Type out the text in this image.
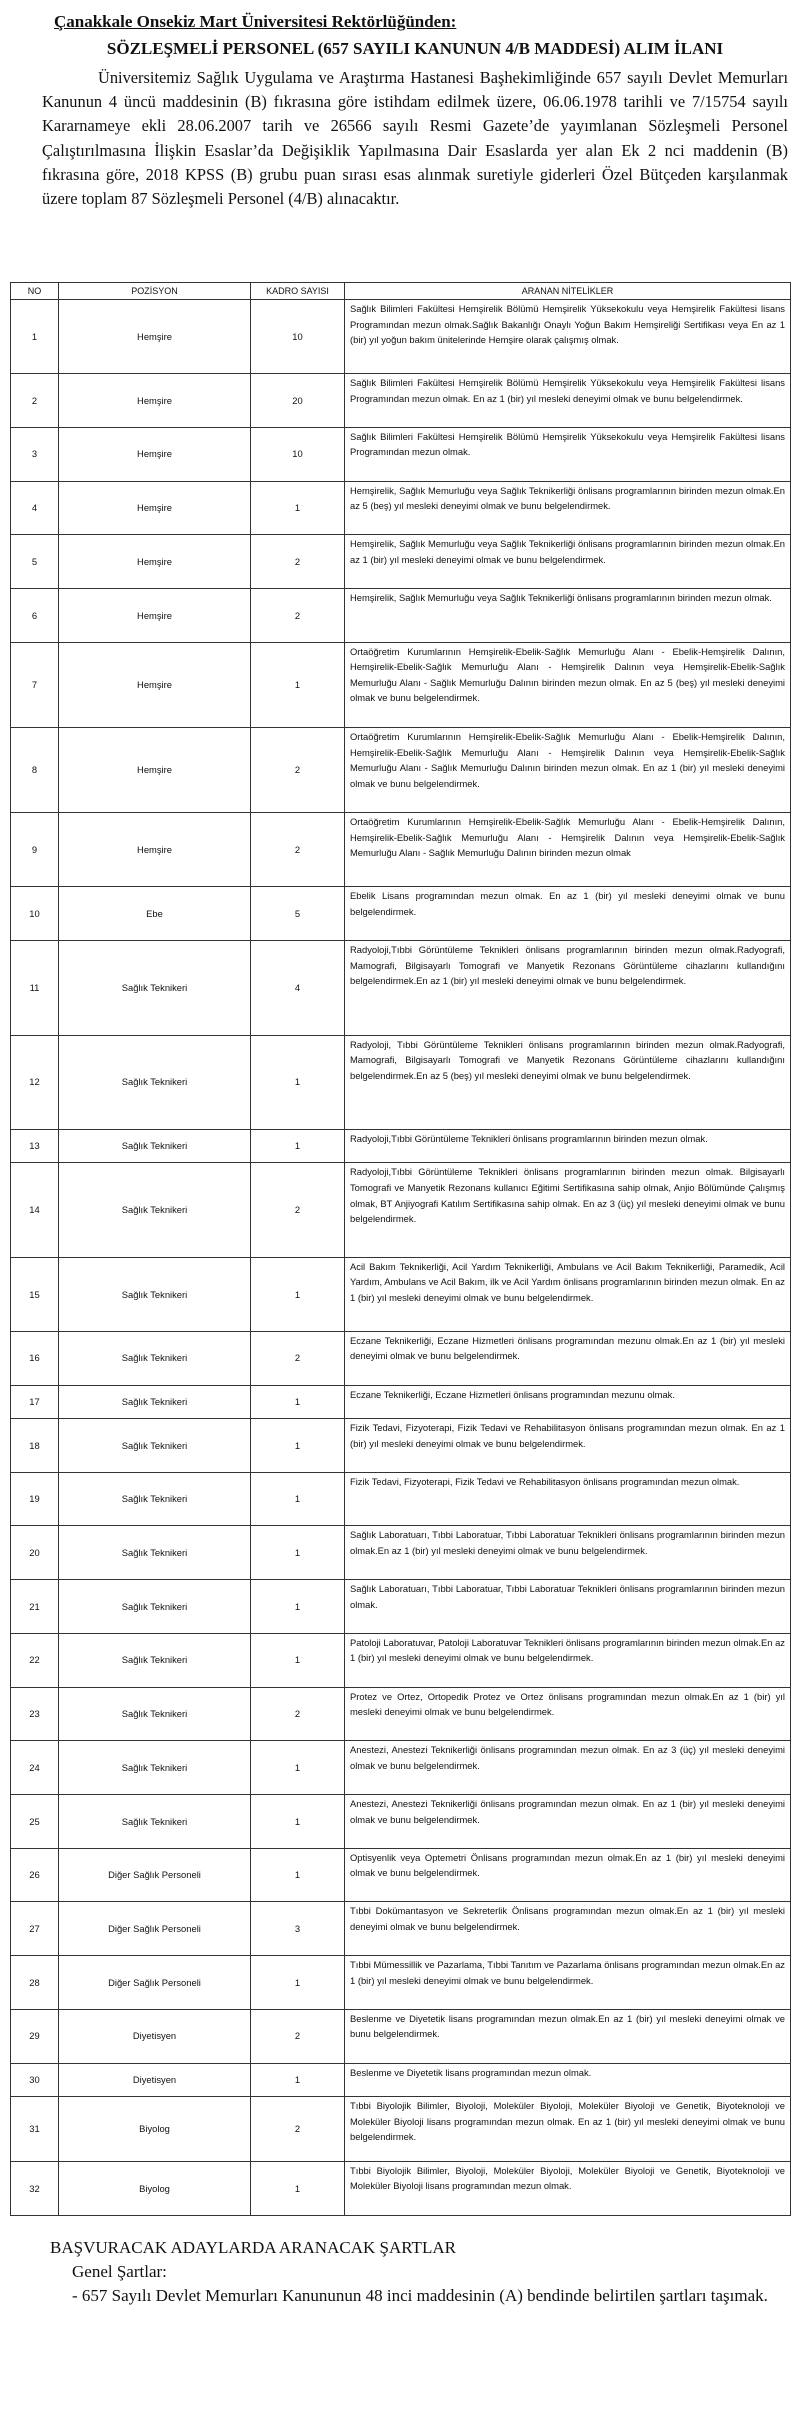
Çanakkale Onsekiz Mart Üniversitesi Rektörlüğünden:

SÖZLEŞMELİ PERSONEL (657 SAYILI KANUNUN 4/B MADDESİ) ALIM İLANI

Üniversitemiz Sağlık Uygulama ve Araştırma Hastanesi Başhekimliğinde 657 sayılı Devlet Memurları Kanunun 4 üncü maddesinin (B) fıkrasına göre istihdam edilmek üzere, 06.06.1978 tarihli ve 7/15754 sayılı Kararnameye ekli 28.06.2007 tarih ve 26566 sayılı Resmi Gazete’de yayımlanan Sözleşmeli Personel Çalıştırılmasına İlişkin Esaslar’da Değişiklik Yapılmasına Dair Esaslarda yer alan Ek 2 nci maddenin (B) fıkrasına göre, 2018 KPSS (B) grubu puan sırası esas alınmak suretiyle giderleri Özel Bütçeden karşılanmak üzere toplam 87 Sözleşmeli Personel (4/B) alınacaktır.

NO	POZİSYON	KADRO SAYISI	ARANAN NİTELİKLER
1	Hemşire	10	Sağlık Bilimleri Fakültesi Hemşirelik Bölümü Hemşirelik Yüksekokulu veya Hemşirelik Fakültesi lisans Programından mezun olmak.Sağlık Bakanlığı Onaylı Yoğun Bakım Hemşireliği Sertifikası veya En az 1 (bir) yıl yoğun bakım ünitelerinde Hemşire olarak çalışmış olmak.
2	Hemşire	20	Sağlık Bilimleri Fakültesi Hemşirelik Bölümü Hemşirelik Yüksekokulu veya Hemşirelik Fakültesi lisans Programından mezun olmak. En az 1 (bir) yıl mesleki deneyimi olmak ve bunu belgelendirmek.
3	Hemşire	10	Sağlık Bilimleri Fakültesi Hemşirelik Bölümü Hemşirelik Yüksekokulu veya Hemşirelik Fakültesi lisans Programından mezun olmak.
4	Hemşire	1	Hemşirelik, Sağlık Memurluğu veya Sağlık Teknikerliği önlisans programlarının birinden mezun olmak.En az 5 (beş) yıl mesleki deneyimi olmak ve bunu belgelendirmek.
5	Hemşire	2	Hemşirelik, Sağlık Memurluğu veya Sağlık Teknikerliği önlisans programlarının birinden mezun olmak.En az 1 (bir) yıl mesleki deneyimi olmak ve bunu belgelendirmek.
6	Hemşire	2	Hemşirelik, Sağlık Memurluğu veya Sağlık Teknikerliği önlisans programlarının birinden mezun olmak.
7	Hemşire	1	Ortaöğretim Kurumlarının Hemşirelik-Ebelik-Sağlık Memurluğu Alanı - Ebelik-Hemşirelik Dalının, Hemşirelik-Ebelik-Sağlık Memurluğu Alanı - Hemşirelik Dalının veya Hemşirelik-Ebelik-Sağlık Memurluğu Alanı - Sağlık Memurluğu Dalının birinden mezun olmak. En az 5 (beş) yıl mesleki deneyimi olmak ve bunu belgelendirmek.
8	Hemşire	2	Ortaöğretim Kurumlarının Hemşirelik-Ebelik-Sağlık Memurluğu Alanı - Ebelik-Hemşirelik Dalının, Hemşirelik-Ebelik-Sağlık Memurluğu Alanı - Hemşirelik Dalının veya Hemşirelik-Ebelik-Sağlık Memurluğu Alanı - Sağlık Memurluğu Dalının birinden mezun olmak. En az 1 (bir) yıl mesleki deneyimi olmak ve bunu belgelendirmek.
9	Hemşire	2	Ortaöğretim Kurumlarının Hemşirelik-Ebelik-Sağlık Memurluğu Alanı - Ebelik-Hemşirelik Dalının, Hemşirelik-Ebelik-Sağlık Memurluğu Alanı - Hemşirelik Dalının veya Hemşirelik-Ebelik-Sağlık Memurluğu Alanı - Sağlık Memurluğu Dalının birinden mezun olmak
10	Ebe	5	Ebelik Lisans programından mezun olmak. En az 1 (bir) yıl mesleki deneyimi olmak ve bunu belgelendirmek.
11	Sağlık Teknikeri	4	Radyoloji,Tıbbi Görüntüleme Teknikleri önlisans programlarının birinden mezun olmak.Radyografi, Mamografi, Bilgisayarlı Tomografi ve Manyetik Rezonans Görüntüleme cihazlarını kullandığını belgelendirmek.En az 1 (bir) yıl mesleki deneyimi olmak ve bunu belgelendirmek.
12	Sağlık Teknikeri	1	Radyoloji, Tıbbi Görüntüleme Teknikleri önlisans programlarının birinden mezun olmak.Radyografi, Mamografi, Bilgisayarlı Tomografi ve Manyetik Rezonans Görüntüleme cihazlarını kullandığını belgelendirmek.En az 5 (beş) yıl mesleki deneyimi olmak ve bunu belgelendirmek.
13	Sağlık Teknikeri	1	Radyoloji,Tıbbi Görüntüleme Teknikleri önlisans programlarının birinden mezun olmak.
14	Sağlık Teknikeri	2	Radyoloji,Tıbbi Görüntüleme Teknikleri önlisans programlarının birinden mezun olmak. Bilgisayarlı Tomografi ve Manyetik Rezonans kullanıcı Eğitimi Sertifikasına sahip olmak, Anjio Bölümünde Çalışmış olmak, BT Anjiyografi Katılım Sertifikasına sahip olmak. En az 3 (üç) yıl mesleki deneyimi olmak ve bunu belgelendirmek.
15	Sağlık Teknikeri	1	Acil Bakım Teknikerliği, Acil Yardım Teknikerliği, Ambulans ve Acil Bakım Teknikerliği, Paramedik, Acil Yardım, Ambulans ve Acil Bakım, ilk ve Acil Yardım önlisans programlarının birinden mezun olmak. En az 1 (bir) yıl mesleki deneyimi olmak ve bunu belgelendirmek.
16	Sağlık Teknikeri	2	Eczane Teknikerliği, Eczane Hizmetleri önlisans programından mezunu olmak.En az 1 (bir) yıl mesleki deneyimi olmak ve bunu belgelendirmek.
17	Sağlık Teknikeri	1	Eczane Teknikerliği, Eczane Hizmetleri önlisans programından mezunu olmak.
18	Sağlık Teknikeri	1	Fizik Tedavi, Fizyoterapi, Fizik Tedavi ve Rehabilitasyon önlisans programından mezun olmak. En az 1 (bir) yıl mesleki deneyimi olmak ve bunu belgelendirmek.
19	Sağlık Teknikeri	1	Fizik Tedavi, Fizyoterapi, Fizik Tedavi ve Rehabilitasyon önlisans programından mezun olmak.
20	Sağlık Teknikeri	1	Sağlık Laboratuarı, Tıbbi Laboratuar, Tıbbi Laboratuar Teknikleri önlisans programlarının birinden mezun olmak.En az 1 (bir) yıl mesleki deneyimi olmak ve bunu belgelendirmek.
21	Sağlık Teknikeri	1	Sağlık Laboratuarı, Tıbbi Laboratuar, Tıbbi Laboratuar Teknikleri önlisans programlarının birinden mezun olmak.
22	Sağlık Teknikeri	1	Patoloji Laboratuvar, Patoloji Laboratuvar Teknikleri önlisans programlarının birinden mezun olmak.En az 1 (bir) yıl mesleki deneyimi olmak ve bunu belgelendirmek.
23	Sağlık Teknikeri	2	Protez ve Ortez, Ortopedik Protez ve Ortez önlisans programından mezun olmak.En az 1 (bir) yıl mesleki deneyimi olmak ve bunu belgelendirmek.
24	Sağlık Teknikeri	1	Anestezi, Anestezi Teknikerliği önlisans programından mezun olmak. En az 3 (üç) yıl mesleki deneyimi olmak ve bunu belgelendirmek.
25	Sağlık Teknikeri	1	Anestezi, Anestezi Teknikerliği önlisans programından mezun olmak. En az 1 (bir) yıl mesleki deneyimi olmak ve bunu belgelendirmek.
26	Diğer Sağlık Personeli	1	Optisyenlik veya Optemetri Önlisans programından mezun olmak.En az 1 (bir) yıl mesleki deneyimi olmak ve bunu belgelendirmek.
27	Diğer Sağlık Personeli	3	Tıbbi Dokümantasyon ve Sekreterlik Önlisans programından mezun olmak.En az 1 (bir) yıl mesleki deneyimi olmak ve bunu belgelendirmek.
28	Diğer Sağlık Personeli	1	Tıbbi Mümessillik ve Pazarlama, Tıbbi Tanıtım ve Pazarlama önlisans programından mezun olmak.En az 1 (bir) yıl mesleki deneyimi olmak ve bunu belgelendirmek.
29	Diyetisyen	2	Beslenme ve Diyetetik lisans programından mezun olmak.En az 1 (bir) yıl mesleki deneyimi olmak ve bunu belgelendirmek.
30	Diyetisyen	1	Beslenme ve Diyetetik lisans programından mezun olmak.
31	Biyolog	2	Tıbbi Biyolojik Bilimler, Biyoloji, Moleküler Biyoloji, Moleküler Biyoloji ve Genetik, Biyoteknoloji ve Moleküler Biyoloji lisans programından mezun olmak. En az 1 (bir) yıl mesleki deneyimi olmak ve bunu belgelendirmek.
32	Biyolog	1	Tıbbi Biyolojik Bilimler, Biyoloji, Moleküler Biyoloji, Moleküler Biyoloji ve Genetik, Biyoteknoloji ve Moleküler Biyoloji lisans programından mezun olmak.

BAŞVURACAK ADAYLARDA ARANACAK ŞARTLAR

Genel Şartlar:

- 657 Sayılı Devlet Memurları Kanununun 48 inci maddesinin (A) bendinde belirtilen şartları taşımak.
